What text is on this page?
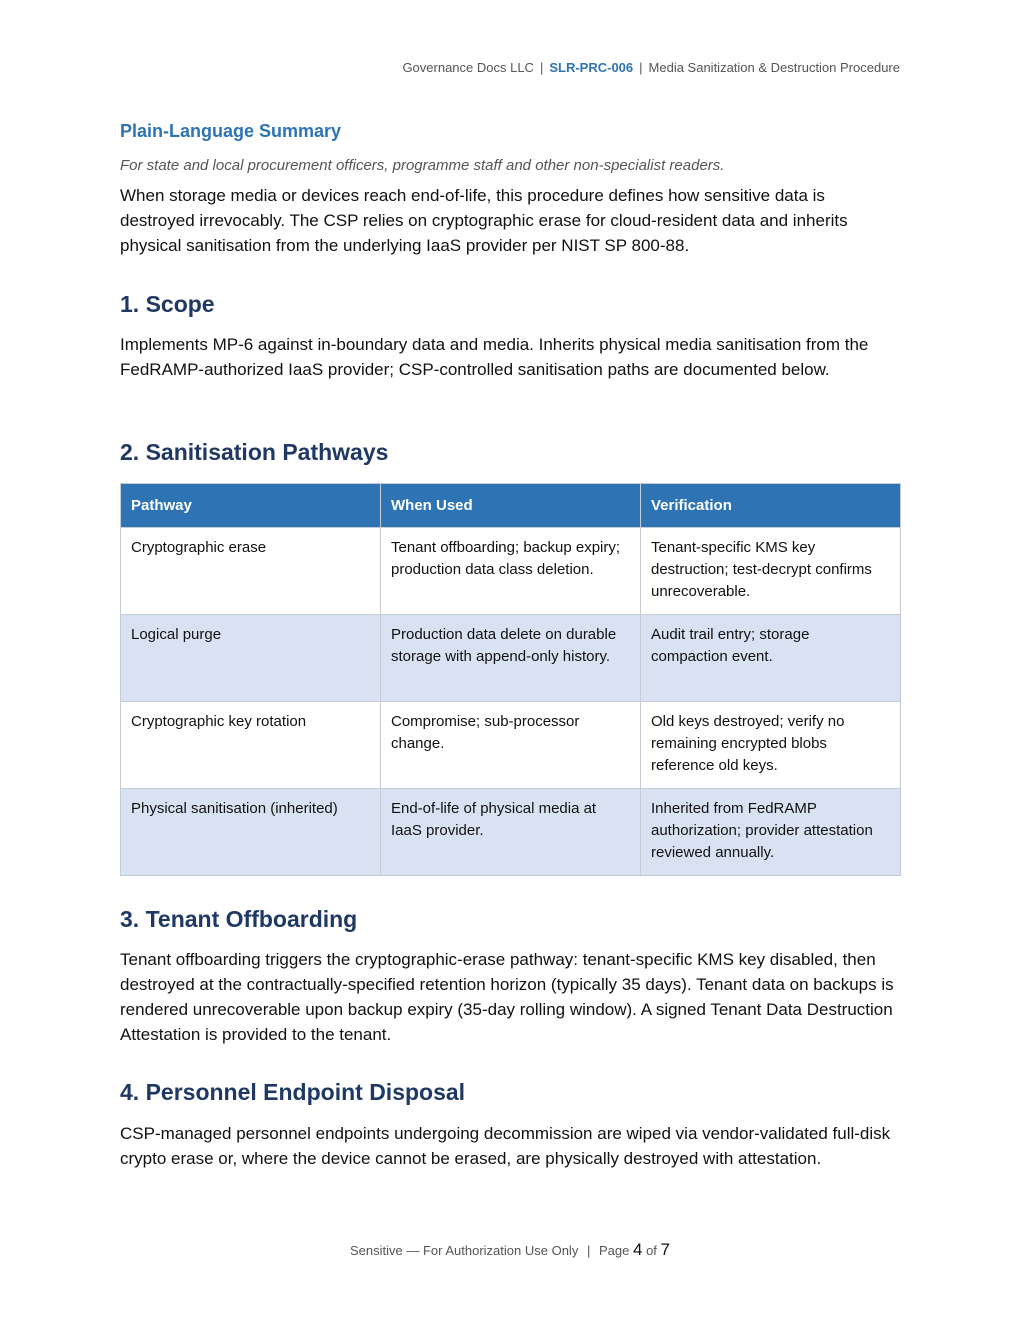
Governance Docs LLC | SLR-PRC-006 | Media Sanitization & Destruction Procedure
Plain-Language Summary
For state and local procurement officers, programme staff and other non-specialist readers.
When storage media or devices reach end-of-life, this procedure defines how sensitive data is destroyed irrevocably. The CSP relies on cryptographic erase for cloud-resident data and inherits physical sanitisation from the underlying IaaS provider per NIST SP 800-88.
1. Scope
Implements MP-6 against in-boundary data and media. Inherits physical media sanitisation from the FedRAMP-authorized IaaS provider; CSP-controlled sanitisation paths are documented below.
2. Sanitisation Pathways
Pathway	When Used	Verification
Cryptographic erase	Tenant offboarding; backup expiry; production data class deletion.	Tenant-specific KMS key destruction; test-decrypt confirms unrecoverable.
Logical purge	Production data delete on durable storage with append-only history.	Audit trail entry; storage compaction event.
Cryptographic key rotation	Compromise; sub-processor change.	Old keys destroyed; verify no remaining encrypted blobs reference old keys.
Physical sanitisation (inherited)	End-of-life of physical media at IaaS provider.	Inherited from FedRAMP authorization; provider attestation reviewed annually.
3. Tenant Offboarding
Tenant offboarding triggers the cryptographic-erase pathway: tenant-specific KMS key disabled, then destroyed at the contractually-specified retention horizon (typically 35 days). Tenant data on backups is rendered unrecoverable upon backup expiry (35-day rolling window). A signed Tenant Data Destruction Attestation is provided to the tenant.
4. Personnel Endpoint Disposal
CSP-managed personnel endpoints undergoing decommission are wiped via vendor-validated full-disk crypto erase or, where the device cannot be erased, are physically destroyed with attestation.
Sensitive — For Authorization Use Only | Page 4 of 7
